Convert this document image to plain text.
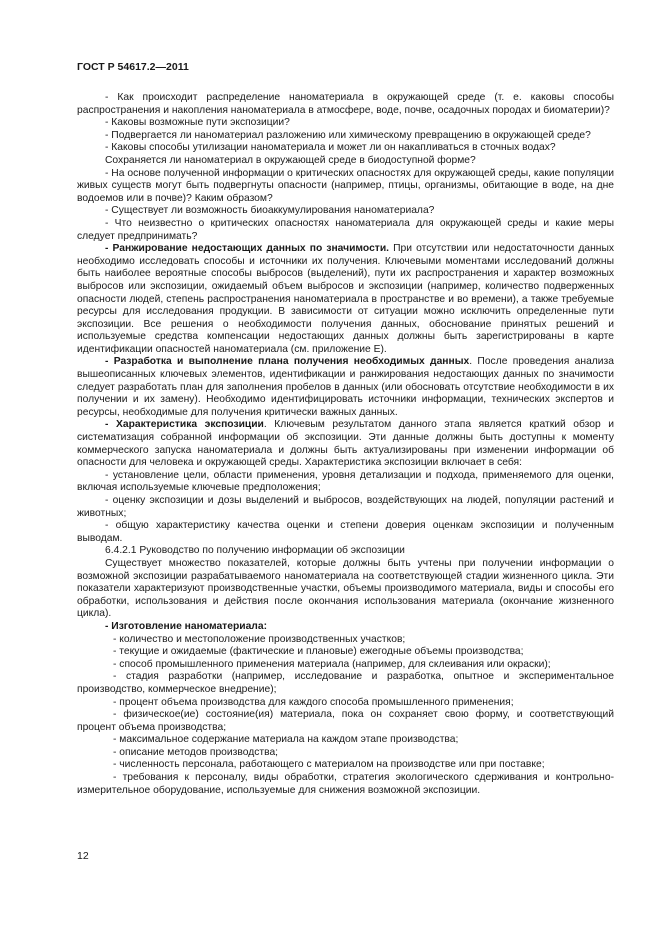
ГОСТ Р 54617.2—2011

- Как происходит распределение наноматериала в окружающей среде (т. е. каковы способы распространения и накопления наноматериала в атмосфере, воде, почве, осадочных породах и биоматерии)?

- Каковы возможные пути экспозиции?

- Подвергается ли наноматериал разложению или химическому превращению в окружающей среде?

- Каковы способы утилизации наноматериала и может ли он накапливаться в сточных водах?

Сохраняется ли наноматериал в окружающей среде в биодоступной форме?

- На основе полученной информации о критических опасностях для окружающей среды, какие популяции живых существ могут быть подвергнуты опасности (например, птицы, организмы, обитающие в воде, на дне водоемов или в почве)? Каким образом?

- Существует ли возможность биоаккумулирования наноматериала?

- Что неизвестно о критических опасностях наноматериала для окружающей среды и какие меры следует предпринимать?

- Ранжирование недостающих данных по значимости. При отсутствии или недостаточности данных необходимо исследовать способы и источники их получения. Ключевыми моментами исследований должны быть наиболее вероятные способы выбросов (выделений), пути их распространения и характер возможных выбросов или экспозиции, ожидаемый объем выбросов и экспозиции (например, количество подверженных опасности людей, степень распространения наноматериала в пространстве и во времени), а также требуемые ресурсы для исследования продукции. В зависимости от ситуации можно исключить определенные пути экспозиции. Все решения о необходимости получения данных, обоснование принятых решений и используемые средства компенсации недостающих данных должны быть зарегистрированы в карте идентификации опасностей наноматериала (см. приложение Е).

- Разработка и выполнение плана получения необходимых данных. После проведения анализа вышеописанных ключевых элементов, идентификации и ранжирования недостающих данных по значимости следует разработать план для заполнения пробелов в данных (или обосновать отсутствие необходимости в их получении и их замену). Необходимо идентифицировать источники информации, технических экспертов и ресурсы, необходимые для получения критически важных данных.

- Характеристика экспозиции. Ключевым результатом данного этапа является краткий обзор и систематизация собранной информации об экспозиции. Эти данные должны быть доступны к моменту коммерческого запуска наноматериала и должны быть актуализированы при изменении информации об опасности для человека и окружающей среды. Характеристика экспозиции включает в себя:

- установление цели, области применения, уровня детализации и подхода, применяемого для оценки, включая используемые ключевые предположения;

- оценку экспозиции и дозы выделений и выбросов, воздействующих на людей, популяции растений и животных;

- общую характеристику качества оценки и степени доверия оценкам экспозиции и полученным выводам.

6.4.2.1 Руководство по получению информации об экспозиции

Существует множество показателей, которые должны быть учтены при получении информации о возможной экспозиции разрабатываемого наноматериала на соответствующей стадии жизненного цикла. Эти показатели характеризуют производственные участки, объемы производимого материала, виды и способы его обработки, использования и действия после окончания использования материала (окончание жизненного цикла).

- Изготовление наноматериала:

- количество и местоположение производственных участков;

- текущие и ожидаемые (фактические и плановые) ежегодные объемы производства;

- способ промышленного применения материала (например, для склеивания или окраски);

- стадия разработки (например, исследование и разработка, опытное и экспериментальное производство, коммерческое внедрение);

- процент объема производства для каждого способа промышленного применения;

- физическое(ие) состояние(ия) материала, пока он сохраняет свою форму, и соответствующий процент объема производства;

- максимальное содержание материала на каждом этапе производства;

- описание методов производства;

- численность персонала, работающего с материалом на производстве или при поставке;

- требования к персоналу, виды обработки, стратегия экологического сдерживания и контрольно-измерительное оборудование, используемые для снижения возможной экспозиции.

12
